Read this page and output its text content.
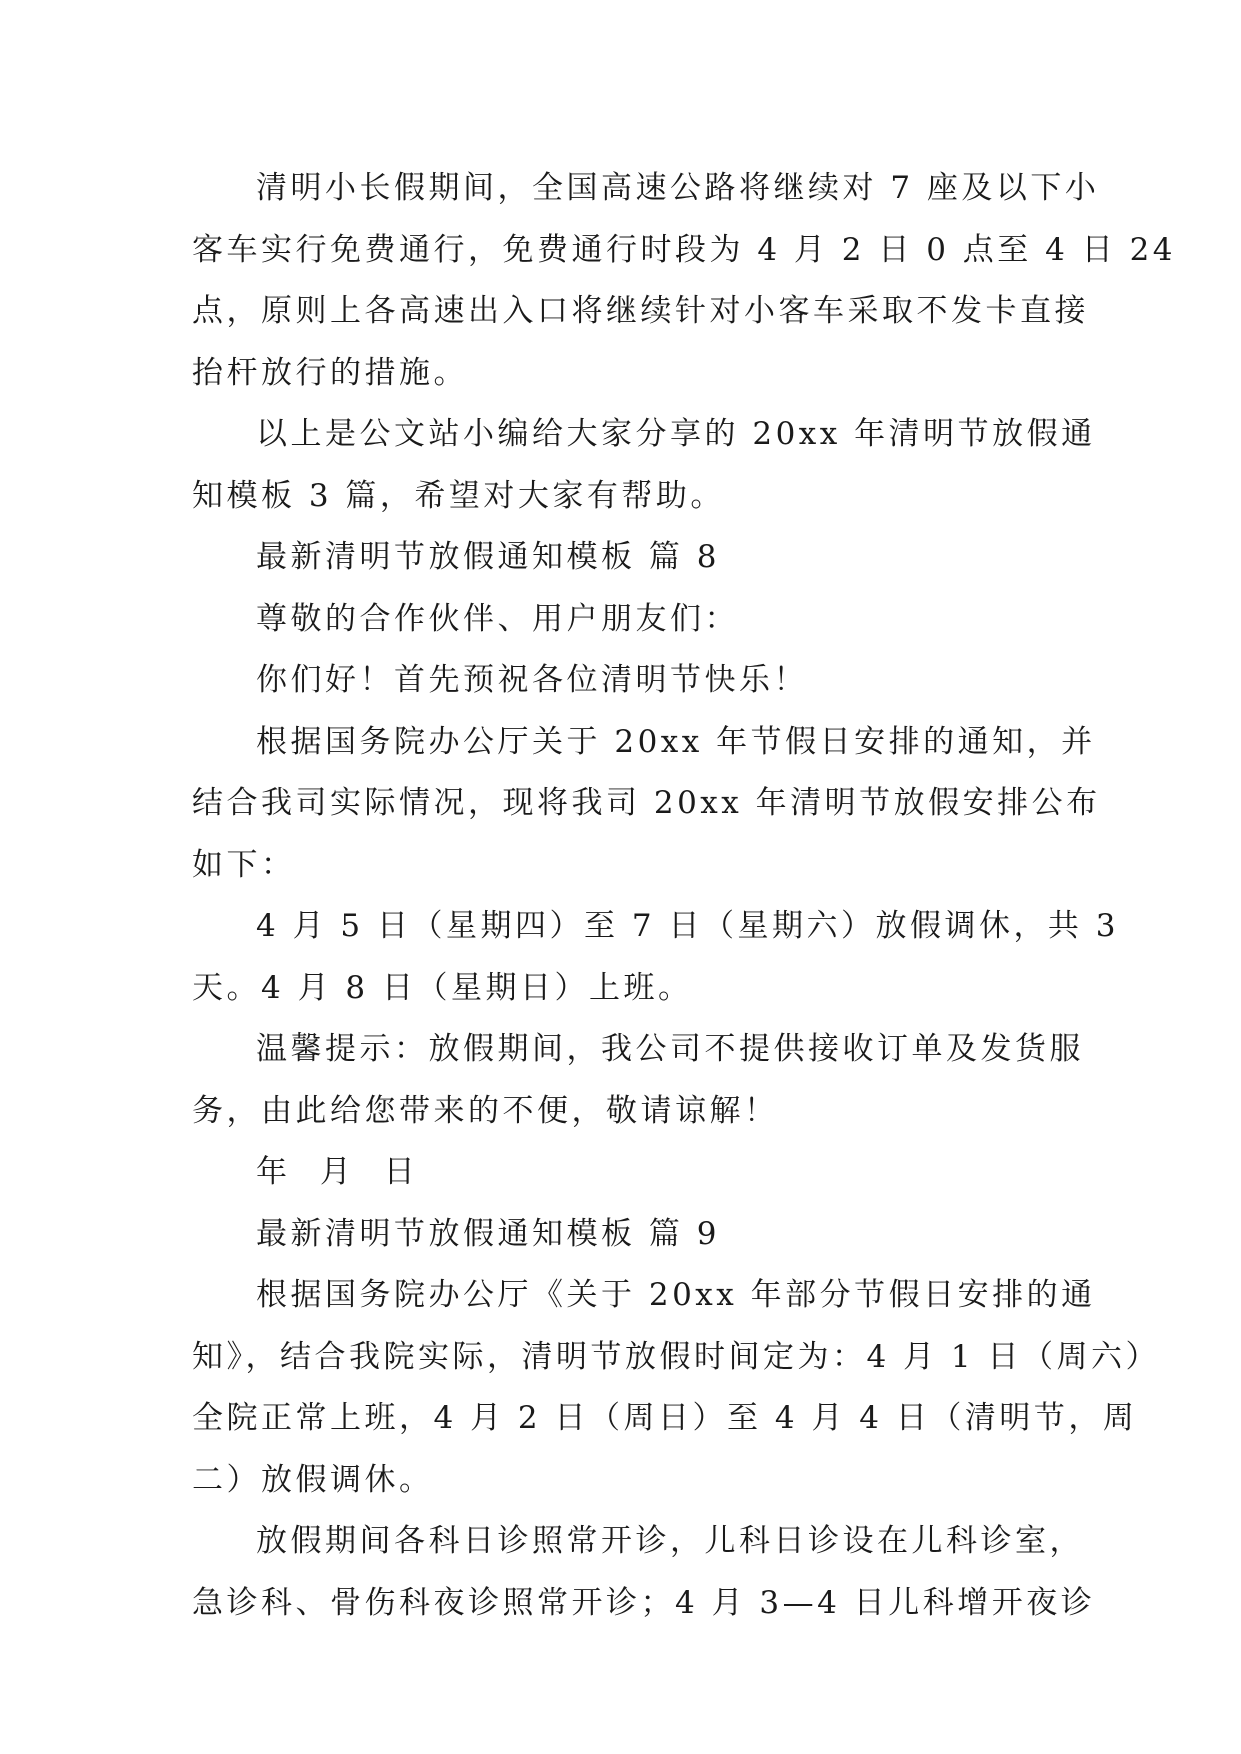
清明小长假期间，全国高速公路将继续对 7 座及以下小
客车实行免费通行，免费通行时段为 4 月 2 日 0 点至 4 日 24
点，原则上各高速出入口将继续针对小客车采取不发卡直接
抬杆放行的措施。
以上是公文站小编给大家分享的 20xx 年清明节放假通
知模板 3 篇，希望对大家有帮助。
最新清明节放假通知模板 篇 8
尊敬的合作伙伴、用户朋友们：
你们好！首先预祝各位清明节快乐！
根据国务院办公厅关于 20xx 年节假日安排的通知，并
结合我司实际情况，现将我司 20xx 年清明节放假安排公布
如下：
4 月 5 日（星期四）至 7 日（星期六）放假调休，共 3
天。4 月 8 日（星期日）上班。
温馨提示：放假期间，我公司不提供接收订单及发货服
务，由此给您带来的不便，敬请谅解！
年 月 日
最新清明节放假通知模板 篇 9
根据国务院办公厅《关于 20xx 年部分节假日安排的通
知》，结合我院实际，清明节放假时间定为：4 月 1 日（周六）
全院正常上班，4 月 2 日（周日）至 4 月 4 日（清明节，周
二）放假调休。
放假期间各科日诊照常开诊，儿科日诊设在儿科诊室，
急诊科、骨伤科夜诊照常开诊；4 月 3—4 日儿科增开夜诊
